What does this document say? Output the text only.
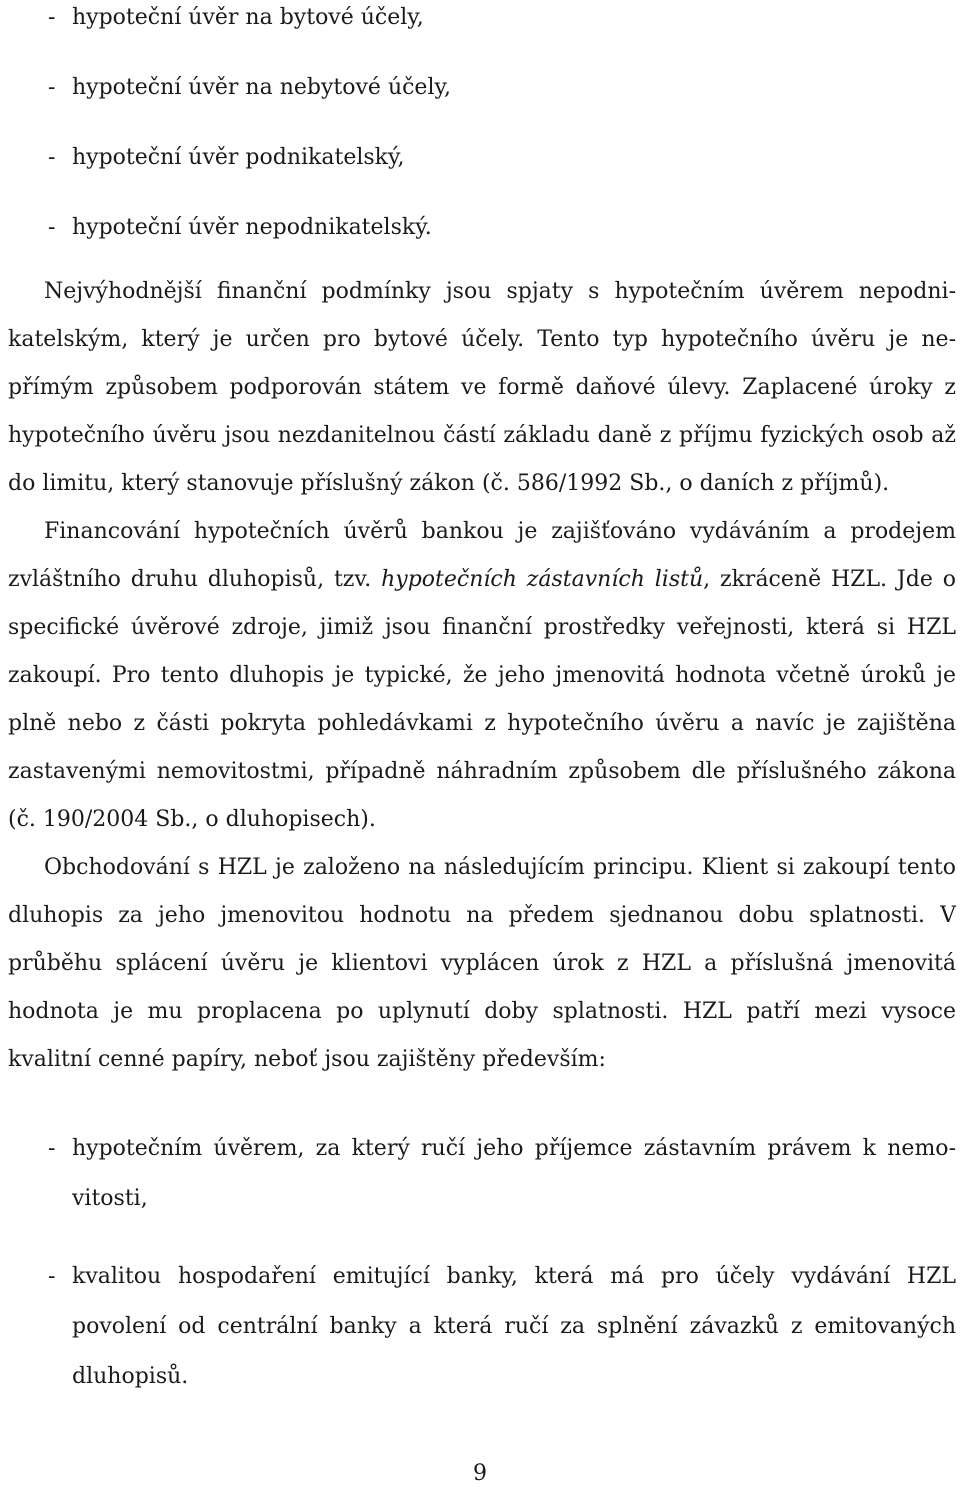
- hypoteční úvěr na bytové účely,
- hypoteční úvěr na nebytové účely,
- hypoteční úvěr podnikatelský,
- hypoteční úvěr nepodnikatelský.

Nejvýhodnější finanční podmínky jsou spjaty s hypotečním úvěrem nepodnikatelským, který je určen pro bytové účely. Tento typ hypotečního úvěru je nepřímým způsobem podporován státem ve formě daňové úlevy. Zaplacené úroky z hypotečního úvěru jsou nezdanitelnou částí základu daně z příjmu fyzických osob až do limitu, který stanovuje příslušný zákon (č. 586/1992 Sb., o daních z příjmů).

Financování hypotečních úvěrů bankou je zajišťováno vydáváním a prodejem zvláštního druhu dluhopisů, tzv. hypotečních zástavních listů, zkráceně HZL. Jde o specifické úvěrové zdroje, jimiž jsou finanční prostředky veřejnosti, která si HZL zakoupí. Pro tento dluhopis je typické, že jeho jmenovitá hodnota včetně úroků je plně nebo z části pokryta pohledávkami z hypotečního úvěru a navíc je zajištěna zastavenými nemovitostmi, případně náhradním způsobem dle příslušného zákona (č. 190/2004 Sb., o dluhopisech).

Obchodování s HZL je založeno na následujícím principu. Klient si zakoupí tento dluhopis za jeho jmenovitou hodnotu na předem sjednanou dobu splatnosti. V průběhu splácení úvěru je klientovi vyplácen úrok z HZL a příslušná jmenovitá hodnota je mu proplacena po uplynutí doby splatnosti. HZL patří mezi vysoce kvalitní cenné papíry, neboť jsou zajištěny především:

- hypotečním úvěrem, za který ručí jeho příjemce zástavním právem k nemovitosti,
- kvalitou hospodaření emitující banky, která má pro účely vydávání HZL povolení od centrální banky a která ručí za splnění závazků z emitovaných dluhopisů.
9
